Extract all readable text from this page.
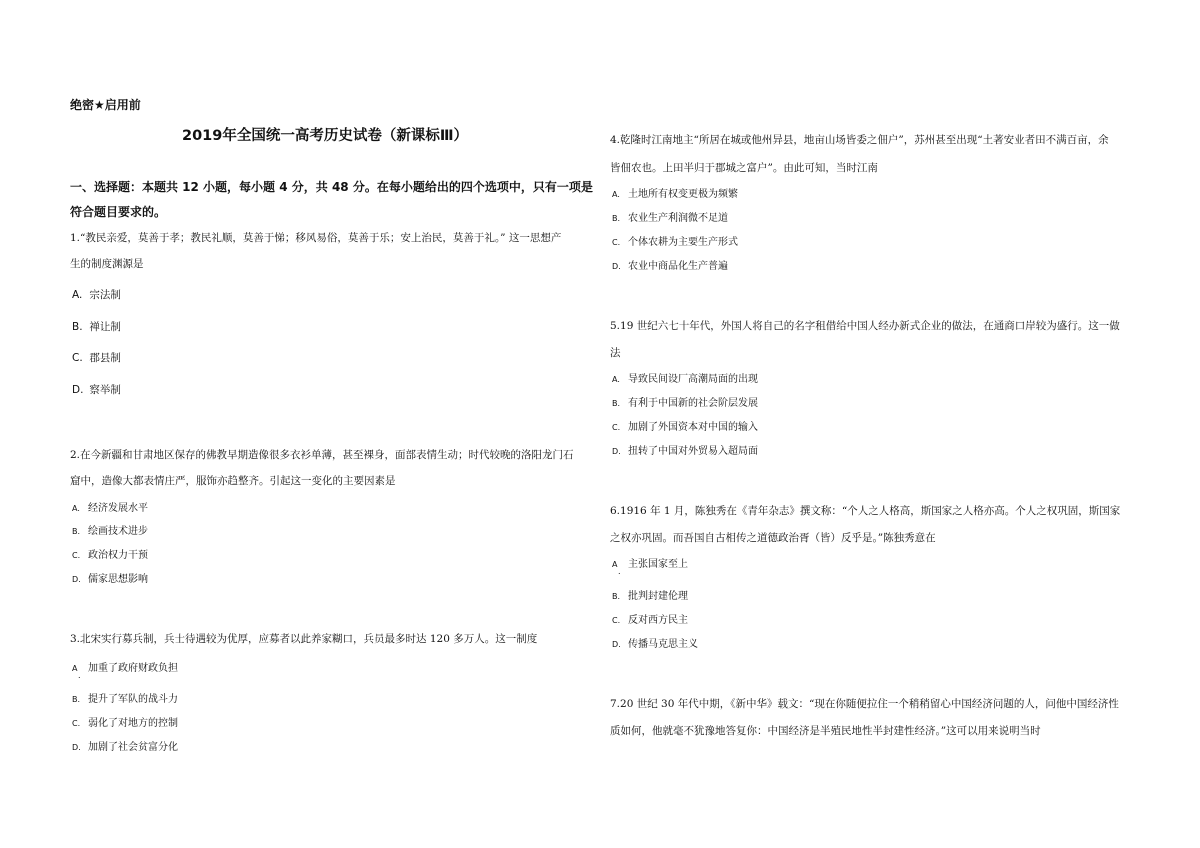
绝密★启用前
2019年全国统一高考历史试卷（新课标Ⅲ）
一、选择题：本题共 12 小题，每小题 4 分，共 48 分。在每小题给出的四个选项中，只有一项是
符合题目要求的。
1.“教民亲爱，莫善于孝；教民礼顺，莫善于悌；移风易俗，莫善于乐；安上治民，莫善于礼。” 这一思想产
生的制度渊源是
A. 宗法制
B. 禅让制
C. 郡县制
D. 察举制
2.在今新疆和甘肃地区保存的佛教早期造像很多衣衫单薄，甚至裸身，面部表情生动；时代较晚的洛阳龙门石
窟中，造像大都表情庄严，服饰亦趋整齐。引起这一变化的主要因素是
A. 经济发展水平
B. 绘画技术进步
C. 政治权力干预
D. 儒家思想影响
3.北宋实行募兵制，兵士待遇较为优厚，应募者以此养家糊口，兵员最多时达 120 多万人。这一制度
A 加重了政府财政负担
.
B. 提升了军队的战斗力
C. 弱化了对地方的控制
D. 加剧了社会贫富分化
4.乾隆时江南地主“所居在城或他州异县，地亩山场皆委之佃户”，苏州甚至出现“土著安业者田不满百亩，余
皆佃农也。上田半归于郡城之富户”。由此可知，当时江南
A. 土地所有权变更极为频繁
B. 农业生产利润微不足道
C. 个体农耕为主要生产形式
D. 农业中商品化生产普遍
5.19 世纪六七十年代，外国人将自己的名字租借给中国人经办新式企业的做法，在通商口岸较为盛行。这一做
法
A. 导致民间设厂高潮局面的出现
B. 有利于中国新的社会阶层发展
C. 加剧了外国资本对中国的输入
D. 扭转了中国对外贸易入超局面
6.1916 年 1 月，陈独秀在《青年杂志》撰文称：“个人之人格高，斯国家之人格亦高。个人之权巩固，斯国家
之权亦巩固。而吾国自古相传之道德政治胥（皆）反乎是。”陈独秀意在
A 主张国家至上
.
B. 批判封建伦理
C. 反对西方民主
D. 传播马克思主义
7.20 世纪 30 年代中期，《新中华》载文：“现在你随便拉住一个稍稍留心中国经济问题的人，问他中国经济性
质如何，他就毫不犹豫地答复你：中国经济是半殖民地性半封建性经济。”这可以用来说明当时
